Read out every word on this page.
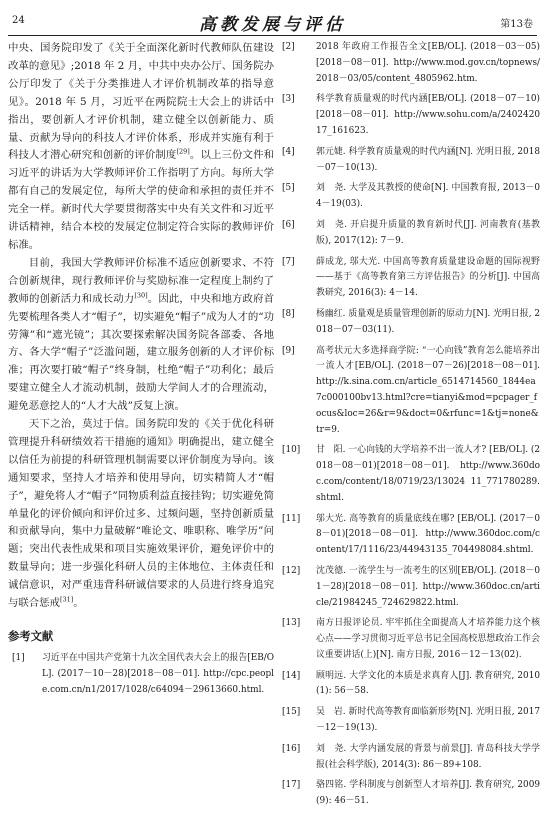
24	高教发展与评估	第13卷

中央、国务院印发了《关于全面深化新时代教师队伍建设改革的意见》;2018 年 2 月，中共中央办公厅、国务院办公厅印发了《关于分类推进人才评价机制改革的指导意见》。2018 年 5 月，习近平在两院院士大会上的讲话中指出，要创新人才评价机制，建立健全以创新能力、质量、贡献为导向的科技人才评价体系，形成并实施有利于科技人才潜心研究和创新的评价制度[29]。以上三份文件和习近平的讲话为大学教师评价工作指明了方向。每所大学都有自己的发展定位，每所大学的使命和承担的责任并不完全一样。新时代大学要贯彻落实中央有关文件和习近平讲话精神，结合本校的发展定位制定符合实际的教师评价标准。

目前，我国大学教师评价标准不适应创新要求、不符合创新规律，现行教师评价与奖励标准一定程度上制约了教师的创新活力和成长动力[30]。因此，中央和地方政府首先要梳理各类人才“帽子”，切实避免“帽子”成为人才的“功劳簿”和“遮光镜”；其次要探索解决国务院各部委、各地方、各大学“帽子”泛滥问题，建立服务创新的人才评价标准；再次要打破“帽子”终身制，杜绝“帽子”功利化；最后要建立健全人才流动机制，鼓励大学间人才的合理流动，避免恶意挖人的“人才大战”反复上演。

天下之治，莫过于信。国务院印发的《关于优化科研管理提升科研绩效若干措施的通知》明确提出，建立健全以信任为前提的科研管理机制需要以评价制度为导向。该通知要求，坚持人才培养和使用导向，切实精简人才“帽子”，避免将人才“帽子”同物质利益直接挂钩；切实避免简单量化的评价倾向和评价过多、过频问题，坚持创新质量和贡献导向，集中力量破解“唯论文、唯职称、唯学历”问题；突出代表性成果和项目实施效果评价，避免评价中的数量导向；进一步强化科研人员的主体地位、主体责任和诚信意识，对严重违背科研诚信要求的人员进行终身追究与联合惩戒[31]。

参考文献
[1] 习近平在中国共产党第十九次全国代表大会上的报告[EB/OL]. (2017－10－28)[2018－08－01]. http://cpc.people.com.cn/n1/2017/1028/c64094－29613660.html.
[2] 2018 年政府工作报告全文[EB/OL]. (2018－03－05)[2018－08－01]. http://www.mod.gov.cn/topnews/2018－03/05/content_4805962.htm.
[3] 科学教育质量观的时代内涵[EB/OL]. (2018－07－10)[2018－08－01]. http://www.sohu.com/a/240242017_161623.
[4] 郭元婕. 科学教育质量观的时代内涵[N]. 光明日报, 2018－07－10(13).
[5] 刘　尧. 大学及其教授的使命[N]. 中国教育报, 2013－04－19(03).
[6] 刘　尧. 开启提升质量的教育新时代[J]. 河南教育(基教版), 2017(12): 7－9.
[7] 薛成龙, 邬大光. 中国高等教育质量建设命题的国际视野——基于《高等教育第三方评估报告》的分析[J]. 中国高教研究, 2016(3): 4－14.
[8] 杨幽红. 质量观是质量管理创新的原动力[N]. 光明日报, 2018－07－03(11).
[9] 高考状元大多选择商学院: “一心向钱”教育怎么能培养出一流人才[EB/OL]. (2018－07－26)[2018－08－01]. http://k.sina.com.cn/article_6514714560_1844ea7c000100bv13.html?cre=tianyi&mod=pcpager_focus&loc=26&r=9&doct=0&rfunc=1&tj=none&tr=9.
[10] 甘　阳. 一心向钱的大学培养不出一流人才? [EB/OL]. (2018－08－01)[2018－08－01]. http://www.360doc.com/content/18/0719/23/13024 11_771780289.shtml.
[11] 邬大光. 高等教育的质量底线在哪? [EB/OL]. (2017－08－01)[2018－08－01]. http://www.360doc.com/content/17/1116/23/44943135_704498084.shtml.
[12] 沈茂德. 一流学生与一流考生的区别[EB/OL]. (2018－01－28)[2018－08－01]. http://www.360doc.cn/article/21984245_724629822.html.
[13] 南方日报评论员. 牢牢抓住全面提高人才培养能力这个核心点——学习贯彻习近平总书记全国高校思想政治工作会议重要讲话(上)[N]. 南方日报, 2016－12－13(02).
[14] 顾明远. 大学文化的本质是求真育人[J]. 教育研究, 2010(1): 56－58.
[15] 吴　岩. 新时代高等教育面临新形势[N]. 光明日报, 2017－12－19(13).
[16] 刘　尧. 大学内涵发展的背景与前景[J]. 青岛科技大学学报(社会科学版), 2014(3): 86－89+108.
[17] 骆四铭. 学科制度与创新型人才培养[J]. 教育研究, 2009(9): 46－51.
